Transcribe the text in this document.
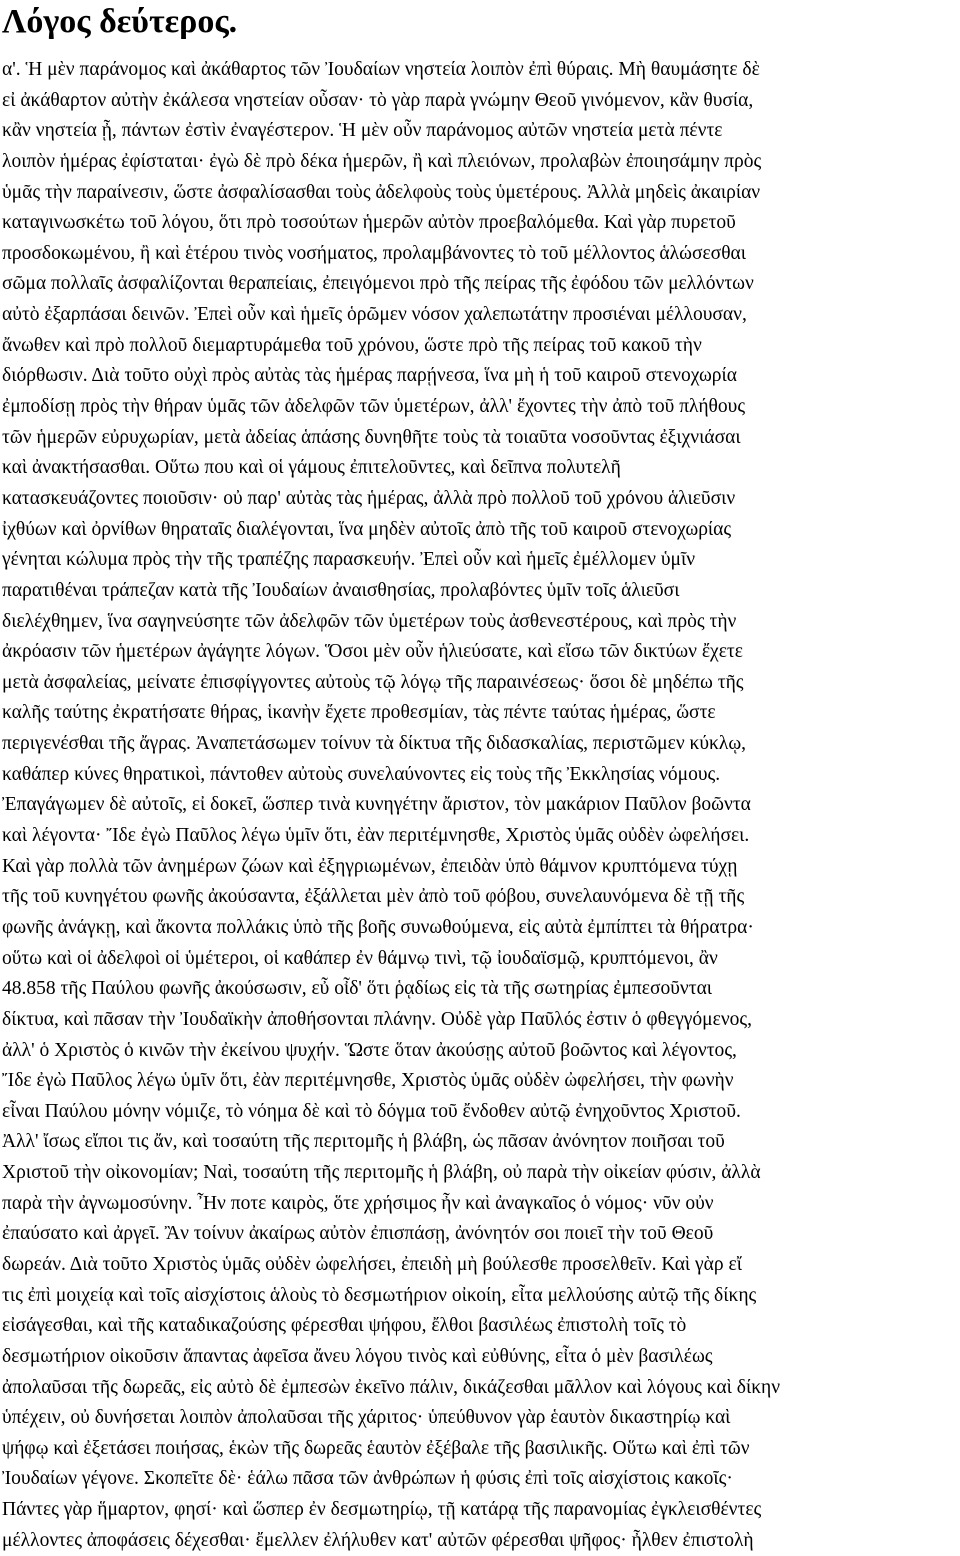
Λόγος δεύτερος.
α'. Ἡ μὲν παράνομος καὶ ἀκάθαρτος τῶν Ἰουδαίων νηστεία λοιπὸν ἐπὶ θύραις. Μὴ θαυμάσητε δὲ
εἰ ἀκάθαρτον αὐτὴν ἐκάλεσα νηστείαν οὖσαν· τὸ γὰρ παρὰ γνώμην Θεοῦ γινόμενον, κἂν θυσία,
κἂν νηστεία ᾖ, πάντων ἐστὶν ἐναγέστερον. Ἡ μὲν οὖν παράνομος αὐτῶν νηστεία μετὰ πέντε
λοιπὸν ἡμέρας ἐφίσταται· ἐγὼ δὲ πρὸ δέκα ἡμερῶν, ἢ καὶ πλειόνων, προλαβὼν ἐποιησάμην πρὸς
ὑμᾶς τὴν παραίνεσιν, ὥστε ἀσφαλίσασθαι τοὺς ἀδελφοὺς τοὺς ὑμετέρους. Ἀλλὰ μηδεὶς ἀκαιρίαν
καταγινωσκέτω τοῦ λόγου, ὅτι πρὸ τοσούτων ἡμερῶν αὐτὸν προεβαλόμεθα. Καὶ γὰρ πυρετοῦ
προσδοκωμένου, ἢ καὶ ἑτέρου τινὸς νοσήματος, προλαμβάνοντες τὸ τοῦ μέλλοντος ἁλώσεσθαι
σῶμα πολλαῖς ἀσφαλίζονται θεραπείαις, ἐπειγόμενοι πρὸ τῆς πείρας τῆς ἐφόδου τῶν μελλόντων
αὐτὸ ἐξαρπάσαι δεινῶν. Ἐπεὶ οὖν καὶ ἡμεῖς ὁρῶμεν νόσον χαλεπωτάτην προσιέναι μέλλουσαν,
ἄνωθεν καὶ πρὸ πολλοῦ διεμαρτυράμεθα τοῦ χρόνου, ὥστε πρὸ τῆς πείρας τοῦ κακοῦ τὴν
διόρθωσιν. Διὰ τοῦτο οὐχὶ πρὸς αὐτὰς τὰς ἡμέρας παρῄνεσα, ἵνα μὴ ἡ τοῦ καιροῦ στενοχωρία
ἐμποδίσῃ πρὸς τὴν θήραν ὑμᾶς τῶν ἀδελφῶν τῶν ὑμετέρων, ἀλλ' ἔχοντες τὴν ἀπὸ τοῦ πλήθους
τῶν ἡμερῶν εὐρυχωρίαν, μετὰ ἀδείας ἁπάσης δυνηθῆτε τοὺς τὰ τοιαῦτα νοσοῦντας ἐξιχνιάσαι
καὶ ἀνακτήσασθαι. Οὕτω που καὶ οἱ γάμους ἐπιτελοῦντες, καὶ δεῖπνα πολυτελῆ
κατασκευάζοντες ποιοῦσιν· οὐ παρ' αὐτὰς τὰς ἡμέρας, ἀλλὰ πρὸ πολλοῦ τοῦ χρόνου ἁλιεῦσιν
ἰχθύων καὶ ὀρνίθων θηραταῖς διαλέγονται, ἵνα μηδὲν αὐτοῖς ἀπὸ τῆς τοῦ καιροῦ στενοχωρίας
γένηται κώλυμα πρὸς τὴν τῆς τραπέζης παρασκευήν. Ἐπεὶ οὖν καὶ ἡμεῖς ἐμέλλομεν ὑμῖν
παρατιθέναι τράπεζαν κατὰ τῆς Ἰουδαίων ἀναισθησίας, προλαβόντες ὑμῖν τοῖς ἁλιεῦσι
διελέχθημεν, ἵνα σαγηνεύσητε τῶν ἀδελφῶν τῶν ὑμετέρων τοὺς ἀσθενεστέρους, καὶ πρὸς τὴν
ἀκρόασιν τῶν ἡμετέρων ἀγάγητε λόγων. Ὅσοι μὲν οὖν ἡλιεύσατε, καὶ εἴσω τῶν δικτύων ἔχετε
μετὰ ἀσφαλείας, μείνατε ἐπισφίγγοντες αὐτοὺς τῷ λόγῳ τῆς παραινέσεως· ὅσοι δὲ μηδέπω τῆς
καλῆς ταύτης ἐκρατήσατε θήρας, ἱκανὴν ἔχετε προθεσμίαν, τὰς πέντε ταύτας ἡμέρας, ὥστε
περιγενέσθαι τῆς ἄγρας. Ἀναπετάσωμεν τοίνυν τὰ δίκτυα τῆς διδασκαλίας, περιστῶμεν κύκλῳ,
καθάπερ κύνες θηρατικοὶ, πάντοθεν αὐτοὺς συνελαύνοντες εἰς τοὺς τῆς Ἐκκλησίας νόμους.
Ἐπαγάγωμεν δὲ αὐτοῖς, εἰ δοκεῖ, ὥσπερ τινὰ κυνηγέτην ἄριστον, τὸν μακάριον Παῦλον βοῶντα
καὶ λέγοντα· Ἴδε ἐγὼ Παῦλος λέγω ὑμῖν ὅτι, ἐὰν περιτέμνησθε, Χριστὸς ὑμᾶς οὐδὲν ὠφελήσει.
Καὶ γὰρ πολλὰ τῶν ἀνημέρων ζώων καὶ ἐξηγριωμένων, ἐπειδὰν ὑπὸ θάμνον κρυπτόμενα τύχῃ
τῆς τοῦ κυνηγέτου φωνῆς ἀκούσαντα, ἐξάλλεται μὲν ἀπὸ τοῦ φόβου, συνελαυνόμενα δὲ τῇ τῆς
φωνῆς ἀνάγκῃ, καὶ ἄκοντα πολλάκις ὑπὸ τῆς βοῆς συνωθούμενα, εἰς αὐτὰ ἐμπίπτει τὰ θήρατρα·
οὕτω καὶ οἱ ἀδελφοὶ οἱ ὑμέτεροι, οἱ καθάπερ ἐν θάμνῳ τινὶ, τῷ ἰουδαϊσμῷ, κρυπτόμενοι, ἂν
48.858 τῆς Παύλου φωνῆς ἀκούσωσιν, εὖ οἶδ' ὅτι ῥᾳδίως εἰς τὰ τῆς σωτηρίας ἐμπεσοῦνται
δίκτυα, καὶ πᾶσαν τὴν Ἰουδαϊκὴν ἀποθήσονται πλάνην. Οὐδὲ γὰρ Παῦλός ἐστιν ὁ φθεγγόμενος,
ἀλλ' ὁ Χριστὸς ὁ κινῶν τὴν ἐκείνου ψυχήν. Ὥστε ὅταν ἀκούσῃς αὐτοῦ βοῶντος καὶ λέγοντος,
Ἴδε ἐγὼ Παῦλος λέγω ὑμῖν ὅτι, ἐὰν περιτέμνησθε, Χριστὸς ὑμᾶς οὐδὲν ὠφελήσει, τὴν φωνὴν
εἶναι Παύλου μόνην νόμιζε, τὸ νόημα δὲ καὶ τὸ δόγμα τοῦ ἔνδοθεν αὐτῷ ἐνηχοῦντος Χριστοῦ.
Ἀλλ' ἴσως εἴποι τις ἄν, καὶ τοσαύτη τῆς περιτομῆς ἡ βλάβη, ὡς πᾶσαν ἀνόνητον ποιῆσαι τοῦ
Χριστοῦ τὴν οἰκονομίαν; Ναὶ, τοσαύτη τῆς περιτομῆς ἡ βλάβη, οὐ παρὰ τὴν οἰκείαν φύσιν, ἀλλὰ
παρὰ τὴν ἀγνωμοσύνην. Ἦν ποτε καιρὸς, ὅτε χρήσιμος ἦν καὶ ἀναγκαῖος ὁ νόμος· νῦν οὐν
ἐπαύσατο καὶ ἀργεῖ. Ἂν τοίνυν ἀκαίρως αὐτὸν ἐπισπάσῃ, ἀνόνητόν σοι ποιεῖ τὴν τοῦ Θεοῦ
δωρεάν. Διὰ τοῦτο Χριστὸς ὑμᾶς οὐδὲν ὠφελήσει, ἐπειδὴ μὴ βούλεσθε προσελθεῖν. Καὶ γὰρ εἴ
τις ἐπὶ μοιχείᾳ καὶ τοῖς αἰσχίστοις ἁλοὺς τὸ δεσμωτήριον οἰκοίη, εἶτα μελλούσης αὐτῷ τῆς δίκης
εἰσάγεσθαι, καὶ τῆς καταδικαζούσης φέρεσθαι ψήφου, ἔλθοι βασιλέως ἐπιστολὴ τοῖς τὸ
δεσμωτήριον οἰκοῦσιν ἅπαντας ἀφεῖσα ἄνευ λόγου τινὸς καὶ εὐθύνης, εἶτα ὁ μὲν βασιλέως
ἀπολαῦσαι τῆς δωρεᾶς, εἰς αὐτὸ δὲ ἐμπεσὼν ἐκεῖνο πάλιν, δικάζεσθαι μᾶλλον καὶ λόγους καὶ δίκην
ὑπέχειν, οὐ δυνήσεται λοιπὸν ἀπολαῦσαι τῆς χάριτος· ὑπεύθυνον γὰρ ἑαυτὸν δικαστηρίῳ καὶ
ψήφῳ καὶ ἐξετάσει ποιήσας, ἑκὼν τῆς δωρεᾶς ἑαυτὸν ἐξέβαλε τῆς βασιλικῆς. Οὕτω καὶ ἐπὶ τῶν
Ἰουδαίων γέγονε. Σκοπεῖτε δὲ· ἑάλω πᾶσα τῶν ἀνθρώπων ἡ φύσις ἐπὶ τοῖς αἰσχίστοις κακοῖς·
Πάντες γὰρ ἥμαρτον, φησί· καὶ ὥσπερ ἐν δεσμωτηρίῳ, τῇ κατάρᾳ τῆς παρανομίας ἐγκλεισθέντες
μέλλοντες ἀποφάσεις δέχεσθαι· ἔμελλεν ἐλήλυθεν κατ' αὐτῶν φέρεσθαι ψῆφος· ἦλθεν ἐπιστολὴ
